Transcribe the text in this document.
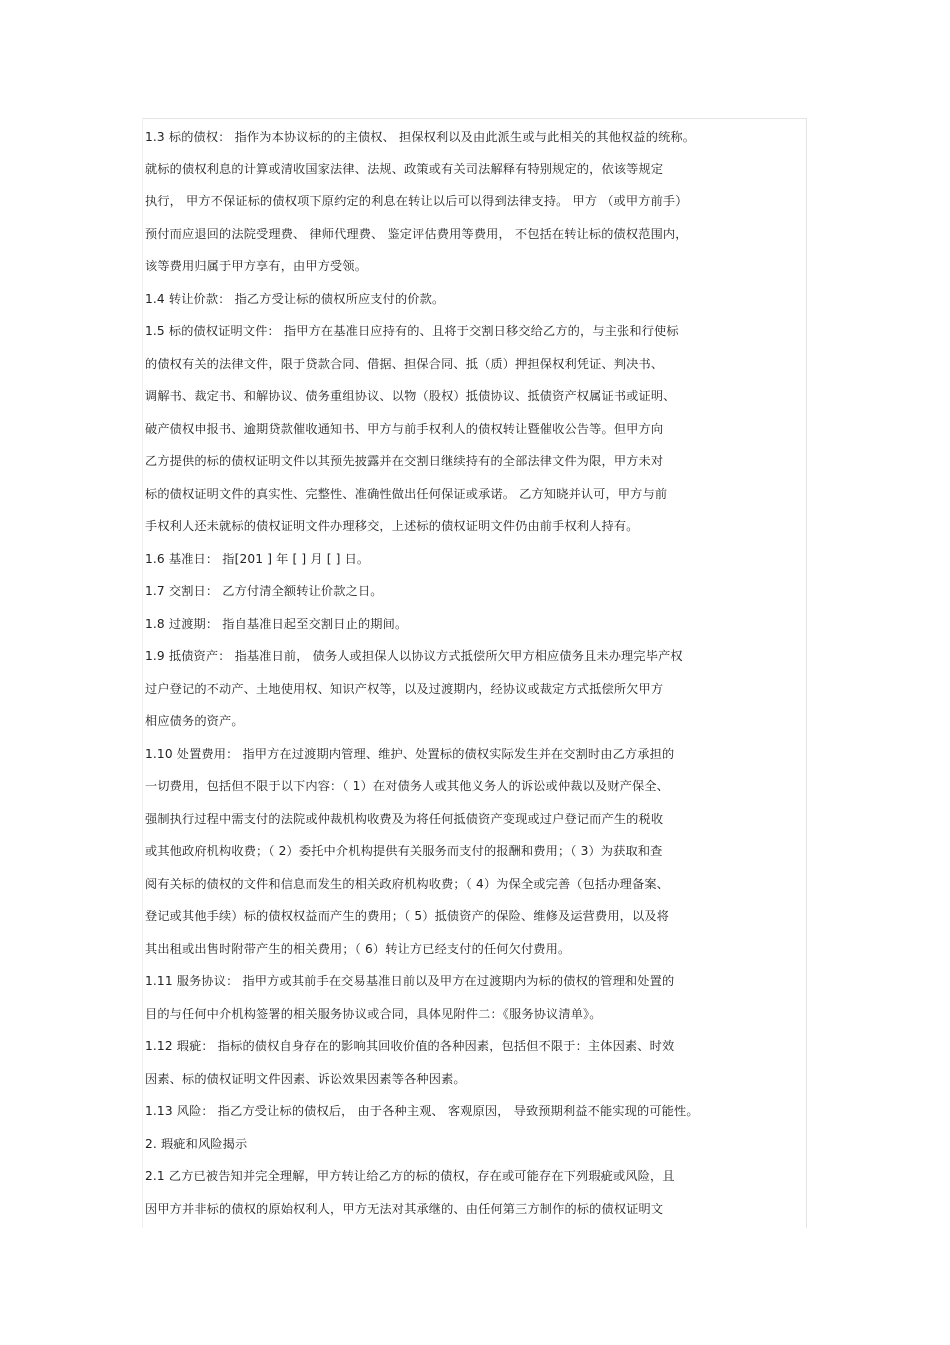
1.3 标的债权： 指作为本协议标的的主债权、 担保权利以及由此派生或与此相关的其他权益的统称。
就标的债权利息的计算或清收国家法律、法规、政策或有关司法解释有特别规定的，依该等规定
执行， 甲方不保证标的债权项下原约定的利息在转让以后可以得到法律支持。 甲方 （或甲方前手）
预付而应退回的法院受理费、 律师代理费、 鉴定评估费用等费用， 不包括在转让标的债权范围内，
该等费用归属于甲方享有，由甲方受领。
1.4 转让价款： 指乙方受让标的债权所应支付的价款。
1.5 标的债权证明文件： 指甲方在基准日应持有的、且将于交割日移交给乙方的，与主张和行使标
的债权有关的法律文件，限于贷款合同、借据、担保合同、抵（质）押担保权利凭证、判决书、
调解书、裁定书、和解协议、债务重组协议、以物（股权）抵债协议、抵债资产权属证书或证明、
破产债权申报书、逾期贷款催收通知书、甲方与前手权利人的债权转让暨催收公告等。但甲方向
乙方提供的标的债权证明文件以其预先披露并在交割日继续持有的全部法律文件为限，甲方未对
标的债权证明文件的真实性、完整性、准确性做出任何保证或承诺。 乙方知晓并认可，甲方与前
手权利人还未就标的债权证明文件办理移交，上述标的债权证明文件仍由前手权利人持有。
1.6 基准日： 指[201 ] 年 [ ] 月 [ ] 日。
1.7 交割日： 乙方付清全额转让价款之日。
1.8 过渡期： 指自基准日起至交割日止的期间。
1.9 抵债资产： 指基准日前， 债务人或担保人以协议方式抵偿所欠甲方相应债务且未办理完毕产权
过户登记的不动产、土地使用权、知识产权等，以及过渡期内，经协议或裁定方式抵偿所欠甲方
相应债务的资产。
1.10 处置费用： 指甲方在过渡期内管理、维护、处置标的债权实际发生并在交割时由乙方承担的
一切费用，包括但不限于以下内容：（ 1）在对债务人或其他义务人的诉讼或仲裁以及财产保全、
强制执行过程中需支付的法院或仲裁机构收费及为将任何抵债资产变现或过户登记而产生的税收
或其他政府机构收费；（ 2）委托中介机构提供有关服务而支付的报酬和费用；（ 3）为获取和查
阅有关标的债权的文件和信息而发生的相关政府机构收费；（ 4）为保全或完善（包括办理备案、
登记或其他手续）标的债权权益而产生的费用；（ 5）抵债资产的保险、维修及运营费用，以及将
其出租或出售时附带产生的相关费用；（ 6）转让方已经支付的任何欠付费用。
1.11 服务协议： 指甲方或其前手在交易基准日前以及甲方在过渡期内为标的债权的管理和处置的
目的与任何中介机构签署的相关服务协议或合同，具体见附件二：《服务协议清单》。
1.12 瑕疵： 指标的债权自身存在的影响其回收价值的各种因素，包括但不限于：主体因素、时效
因素、标的债权证明文件因素、诉讼效果因素等各种因素。
1.13 风险： 指乙方受让标的债权后， 由于各种主观、 客观原因， 导致预期利益不能实现的可能性。
2. 瑕疵和风险揭示
2.1 乙方已被告知并完全理解，甲方转让给乙方的标的债权，存在或可能存在下列瑕疵或风险，且
因甲方并非标的债权的原始权利人，甲方无法对其承继的、由任何第三方制作的标的债权证明文
